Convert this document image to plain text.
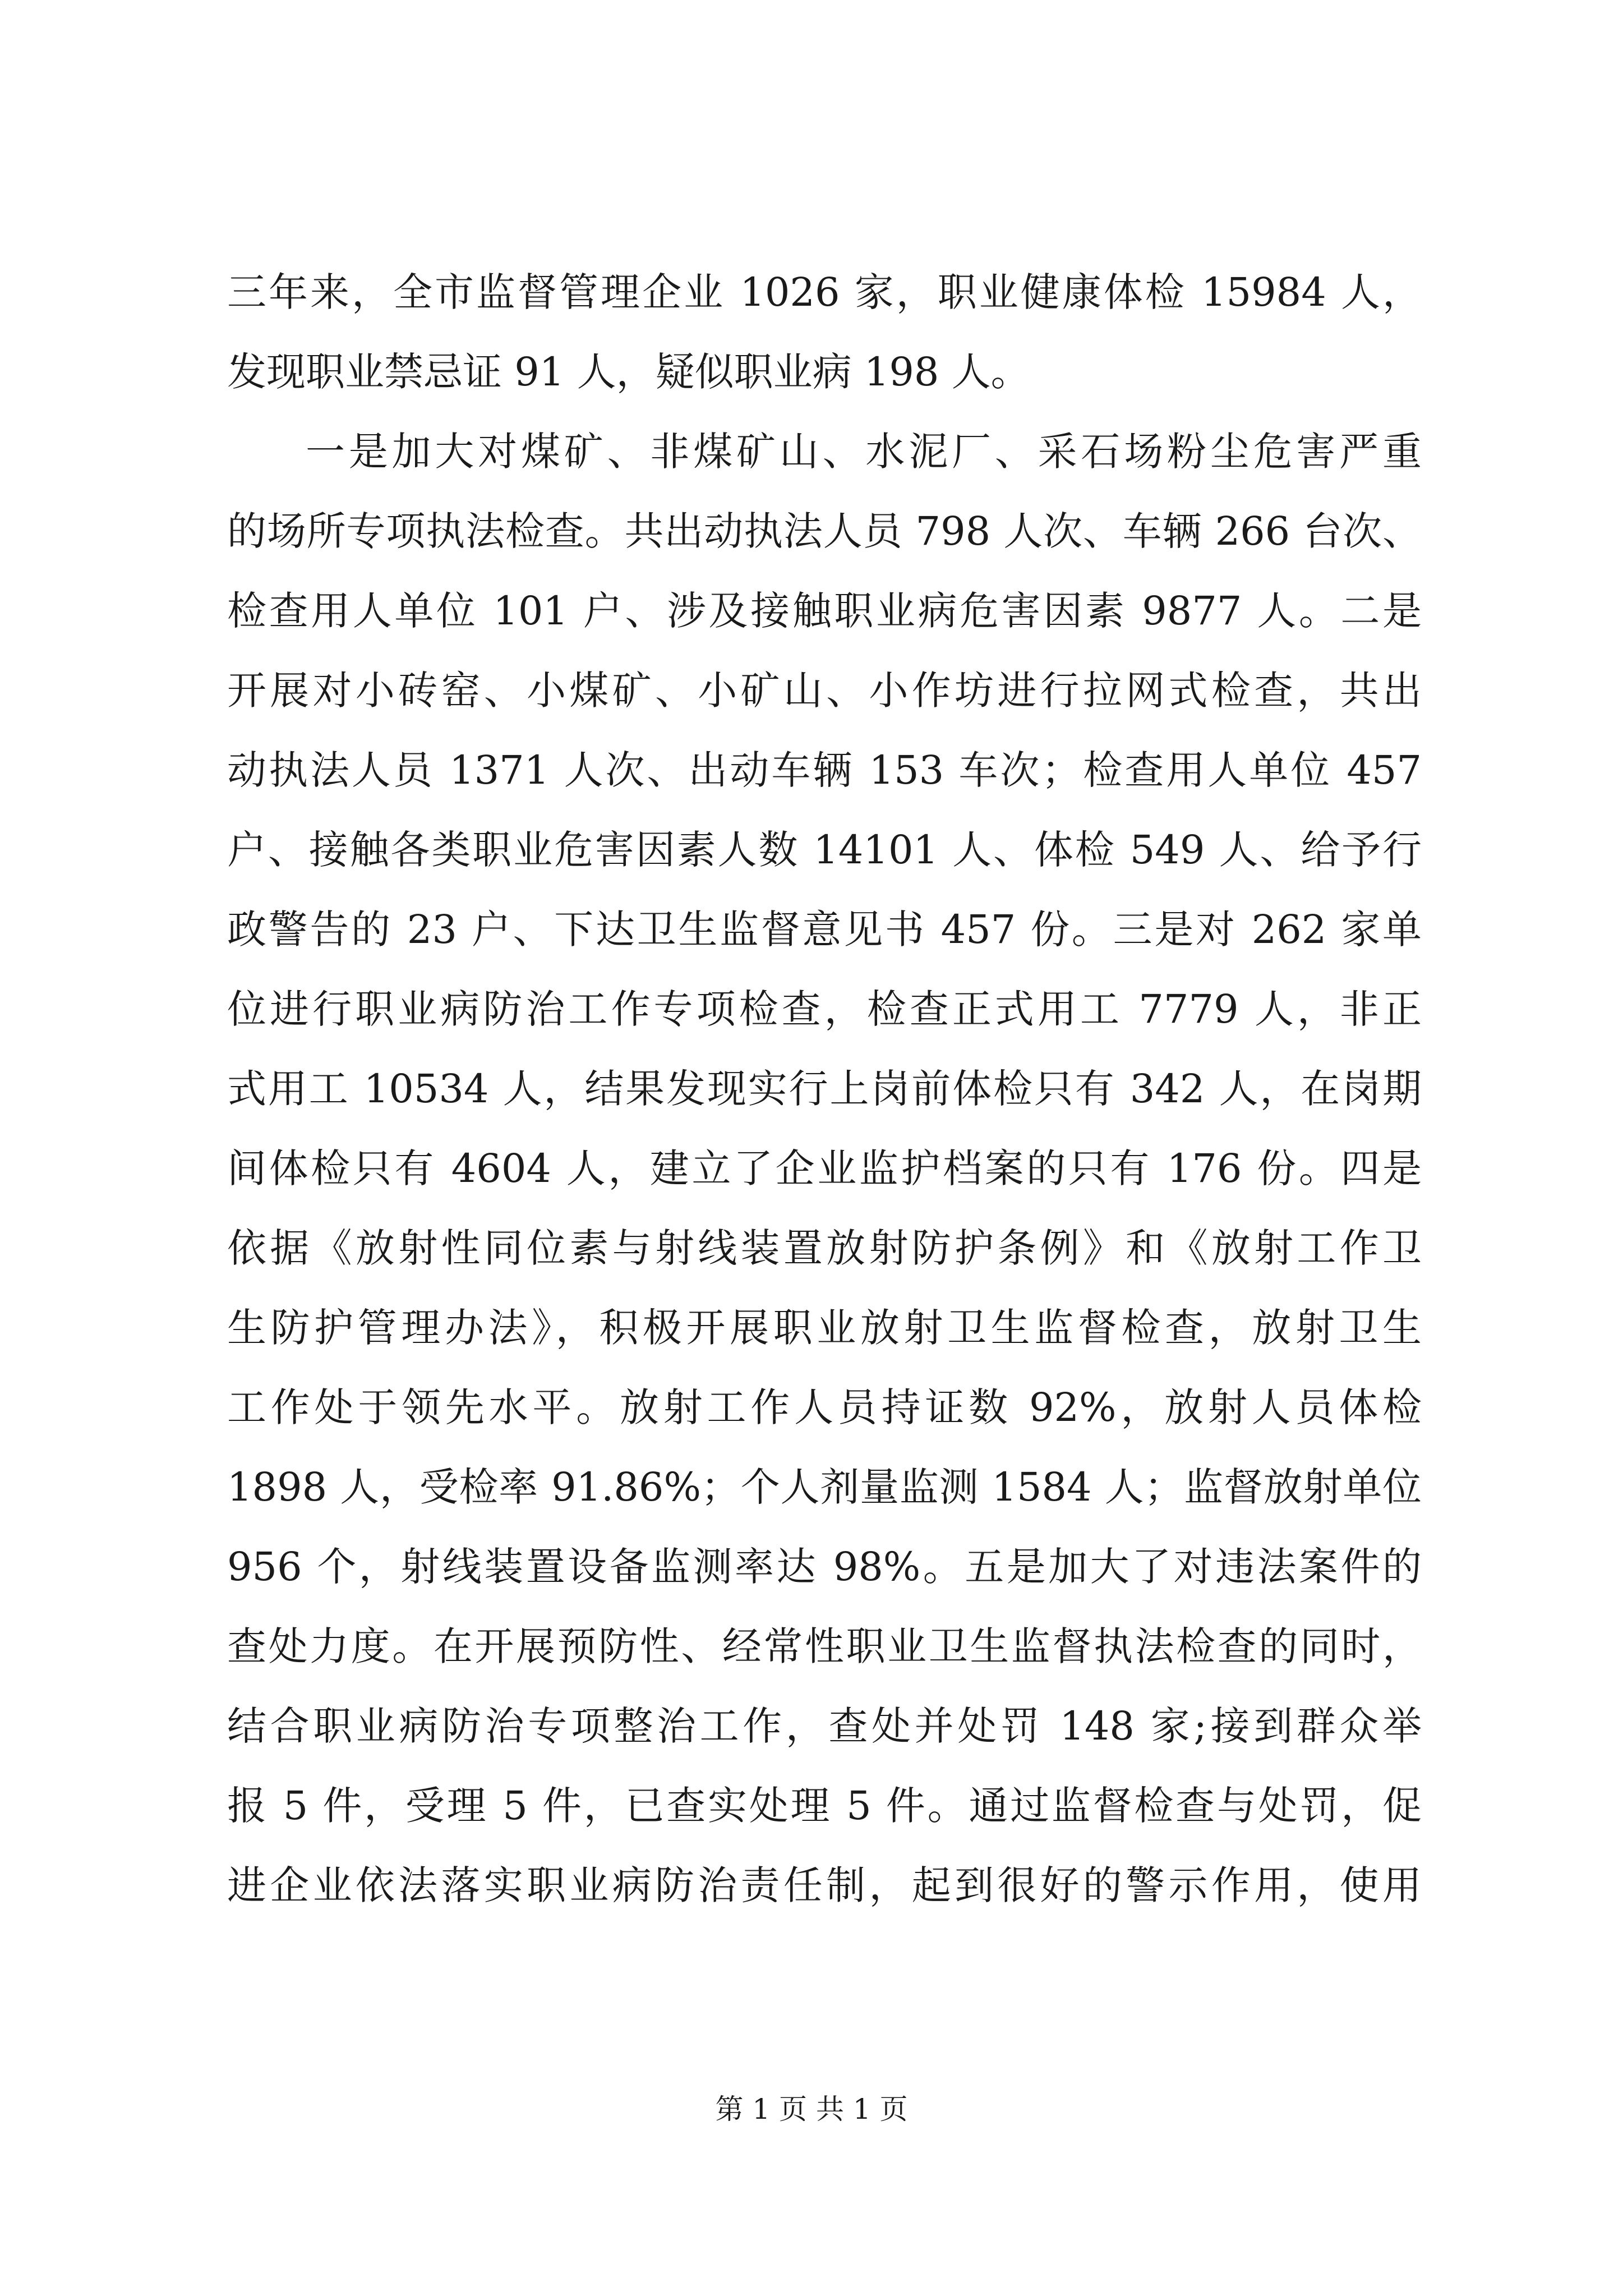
三年来，全市监督管理企业 1026 家，职业健康体检 15984 人，
发现职业禁忌证 91 人，疑似职业病 198 人。
一是加大对煤矿、非煤矿山、水泥厂、采石场粉尘危害严重
的场所专项执法检查。共出动执法人员 798 人次、车辆 266 台次、
检查用人单位 101 户、涉及接触职业病危害因素 9877 人。二是
开展对小砖窑、小煤矿、小矿山、小作坊进行拉网式检查，共出
动执法人员 1371 人次、出动车辆 153 车次；检查用人单位 457
户、接触各类职业危害因素人数 14101 人、体检 549 人、给予行
政警告的 23 户、下达卫生监督意见书 457 份。三是对 262 家单
位进行职业病防治工作专项检查，检查正式用工 7779 人，非正
式用工 10534 人，结果发现实行上岗前体检只有 342 人，在岗期
间体检只有 4604 人，建立了企业监护档案的只有 176 份。四是
依据《放射性同位素与射线装置放射防护条例》和《放射工作卫
生防护管理办法》，积极开展职业放射卫生监督检查，放射卫生
工作处于领先水平。放射工作人员持证数 92%，放射人员体检
1898 人，受检率 91.86%；个人剂量监测 1584 人；监督放射单位
956 个，射线装置设备监测率达 98%。五是加大了对违法案件的
查处力度。在开展预防性、经常性职业卫生监督执法检查的同时，
结合职业病防治专项整治工作，查处并处罚 148 家;接到群众举
报 5 件，受理 5 件，已查实处理 5 件。通过监督检查与处罚，促
进企业依法落实职业病防治责任制，起到很好的警示作用，使用
第 1 页 共 1 页
